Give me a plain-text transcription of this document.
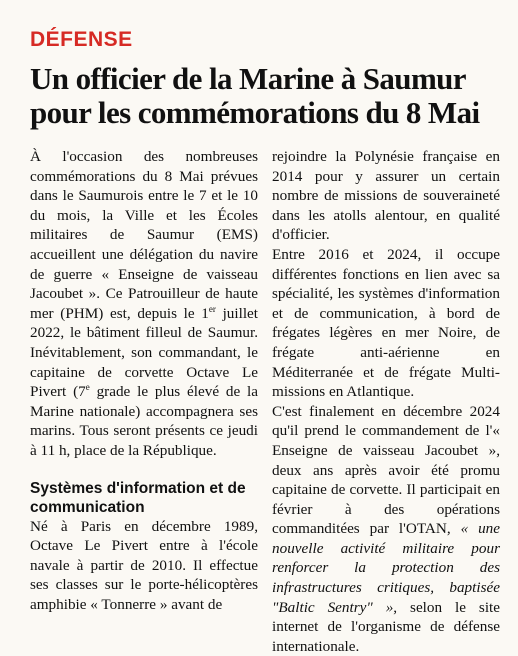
DÉFENSE
Un officier de la Marine à Saumur pour les commémorations du 8 Mai

À l'occasion des nombreuses commémorations du 8 Mai prévues dans le Saumurois entre le 7 et le 10 du mois, la Ville et les Écoles militaires de Saumur (EMS) accueillent une délégation du navire de guerre « Enseigne de vaisseau Jacoubet ». Ce Patrouilleur de haute mer (PHM) est, depuis le 1er juillet 2022, le bâtiment filleul de Saumur. Inévitablement, son commandant, le capitaine de corvette Octave Le Pivert (7e grade le plus élevé de la Marine nationale) accompagnera ses marins. Tous seront présents ce jeudi à 11 h, place de la République.

Systèmes d'information et de communication

Né à Paris en décembre 1989, Octave Le Pivert entre à l'école navale à partir de 2010. Il effectue ses classes sur le porte-hélicoptères amphibie « Tonnerre » avant de

rejoindre la Polynésie française en 2014 pour y assurer un certain nombre de missions de souveraineté dans les atolls alentour, en qualité d'officier.

Entre 2016 et 2024, il occupe différentes fonctions en lien avec sa spécialité, les systèmes d'information et de communication, à bord de frégates légères en mer Noire, de frégate anti-aérienne en Méditerranée et de frégate Multi-missions en Atlantique.

C'est finalement en décembre 2024 qu'il prend le commandement de l'« Enseigne de vaisseau Jacoubet », deux ans après avoir été promu capitaine de corvette. Il participait en février à des opérations commanditées par l'OTAN, « une nouvelle activité militaire pour renforcer la protection des infrastructures critiques, baptisée "Baltic Sentry" », selon le site internet de l'organisme de défense internationale.
